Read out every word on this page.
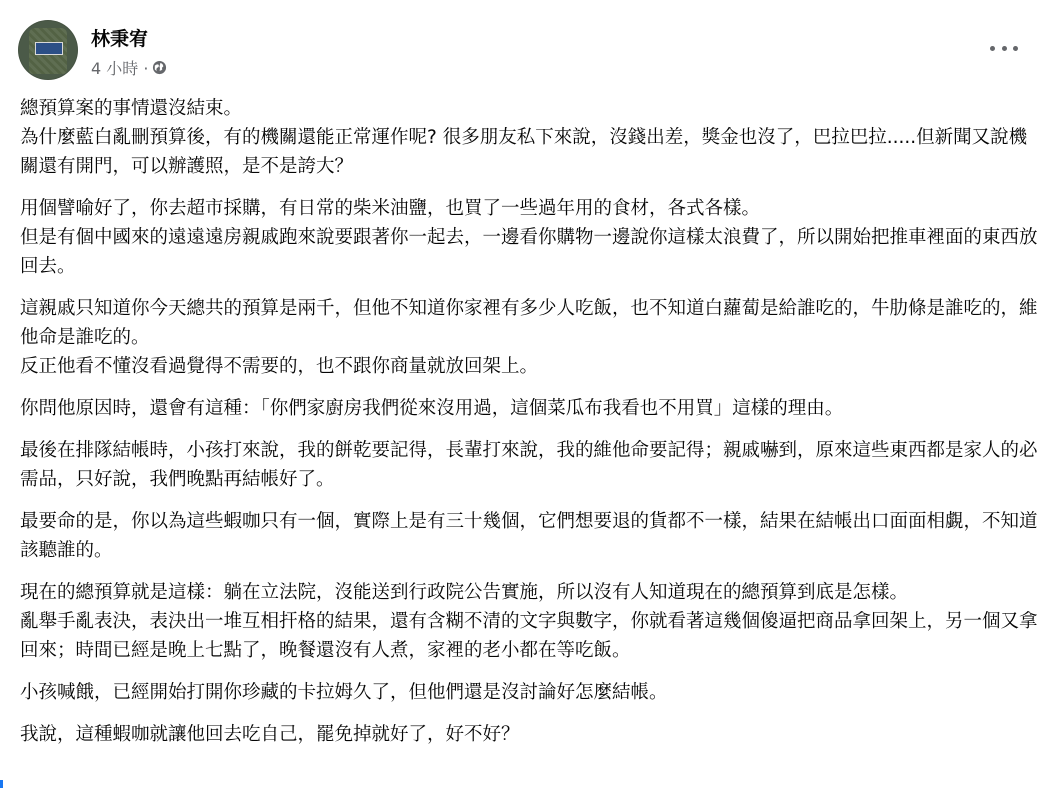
林秉宥
4 小時 ·

總預算案的事情還沒結束。
為什麼藍白亂刪預算後，有的機關還能正常運作呢? 很多朋友私下來說，沒錢出差，獎金也沒了，巴拉巴拉.....但新聞又說機關還有開門，可以辦護照，是不是誇大？

用個譬喻好了，你去超市採購，有日常的柴米油鹽，也買了一些過年用的食材，各式各樣。
但是有個中國來的遠遠遠房親戚跑來說要跟著你一起去，一邊看你購物一邊說你這樣太浪費了，所以開始把推車裡面的東西放回去。

這親戚只知道你今天總共的預算是兩千，但他不知道你家裡有多少人吃飯，也不知道白蘿蔔是給誰吃的，牛肋條是誰吃的，維他命是誰吃的。
反正他看不懂沒看過覺得不需要的，也不跟你商量就放回架上。

你問他原因時，還會有這種：「你們家廚房我們從來沒用過，這個菜瓜布我看也不用買」這樣的理由。

最後在排隊結帳時，小孩打來說，我的餅乾要記得，長輩打來說，我的維他命要記得；親戚嚇到，原來這些東西都是家人的必需品，只好說，我們晚點再結帳好了。

最要命的是，你以為這些蝦咖只有一個，實際上是有三十幾個，它們想要退的貨都不一樣，結果在結帳出口面面相覷，不知道該聽誰的。

現在的總預算就是這樣：躺在立法院，沒能送到行政院公告實施，所以沒有人知道現在的總預算到底是怎樣。
亂舉手亂表決，表決出一堆互相扞格的結果，還有含糊不清的文字與數字，你就看著這幾個傻逼把商品拿回架上，另一個又拿回來；時間已經是晚上七點了，晚餐還沒有人煮，家裡的老小都在等吃飯。

小孩喊餓，已經開始打開你珍藏的卡拉姆久了，但他們還是沒討論好怎麼結帳。

我說，這種蝦咖就讓他回去吃自己，罷免掉就好了，好不好？
